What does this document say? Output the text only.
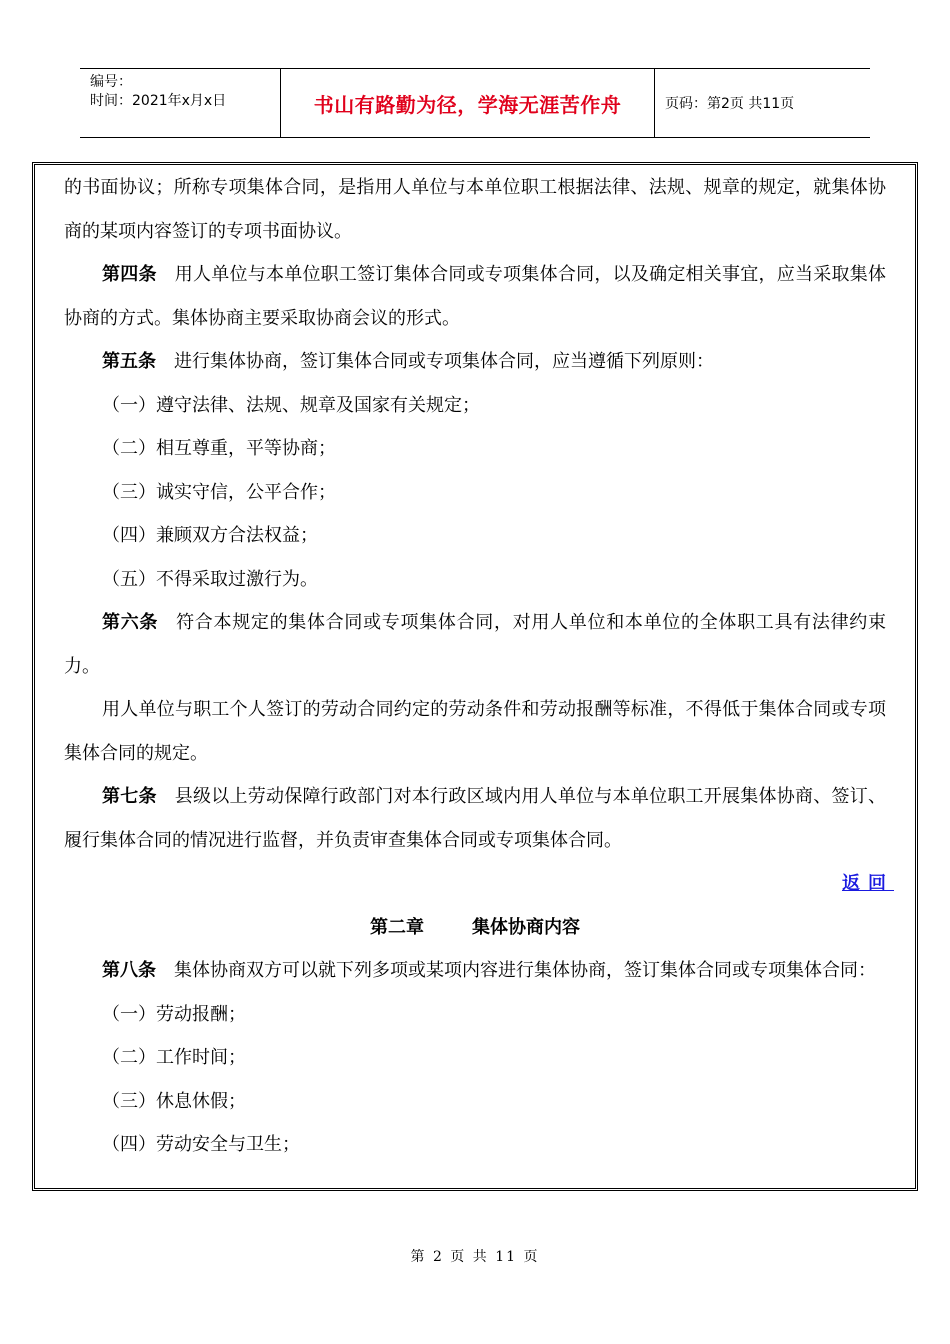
编号：
时间：2021年x月x日	书山有路勤为径，学海无涯苦作舟	页码：第2页 共11页

的书面协议；所称专项集体合同，是指用人单位与本单位职工根据法律、法规、规章的规定，就集体协商的某项内容签订的专项书面协议。

第四条 用人单位与本单位职工签订集体合同或专项集体合同，以及确定相关事宜，应当采取集体协商的方式。集体协商主要采取协商会议的形式。

第五条 进行集体协商，签订集体合同或专项集体合同，应当遵循下列原则：

（一）遵守法律、法规、规章及国家有关规定；

（二）相互尊重，平等协商；

（三）诚实守信，公平合作；

（四）兼顾双方合法权益；

（五）不得采取过激行为。

第六条 符合本规定的集体合同或专项集体合同，对用人单位和本单位的全体职工具有法律约束力。

用人单位与职工个人签订的劳动合同约定的劳动条件和劳动报酬等标准，不得低于集体合同或专项集体合同的规定。

第七条 县级以上劳动保障行政部门对本行政区域内用人单位与本单位职工开展集体协商、签订、履行集体合同的情况进行监督，并负责审查集体合同或专项集体合同。

返回

第二章	集体协商内容

第八条 集体协商双方可以就下列多项或某项内容进行集体协商，签订集体合同或专项集体合同：

（一）劳动报酬；

（二）工作时间；

（三）休息休假；

（四）劳动安全与卫生；

第 2 页 共 11 页
